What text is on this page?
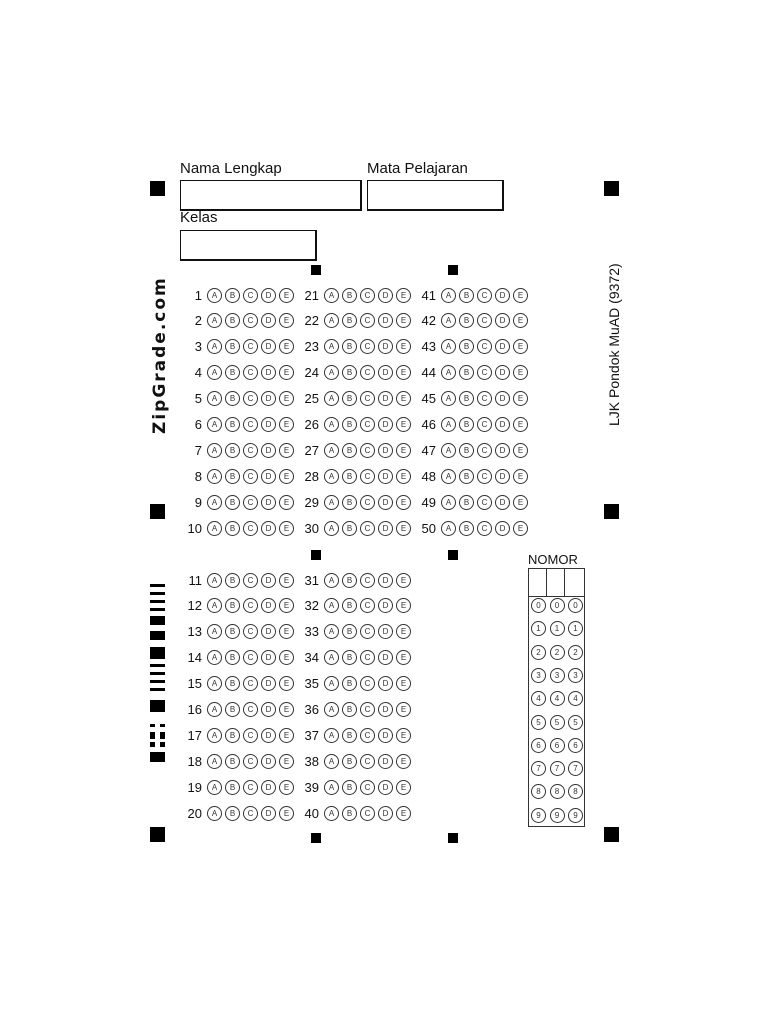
Nama Lengkap	Mata Pelajaran
Kelas
ZipGrade.com	LJK Pondok MuAD (9372)
1	A	B	C	D	E
2	A	B	C	D	E
3	A	B	C	D	E
4	A	B	C	D	E
5	A	B	C	D	E
6	A	B	C	D	E
7	A	B	C	D	E
8	A	B	C	D	E
9	A	B	C	D	E
10	A	B	C	D	E
21	A	B	C	D	E
22	A	B	C	D	E
23	A	B	C	D	E
24	A	B	C	D	E
25	A	B	C	D	E
26	A	B	C	D	E
27	A	B	C	D	E
28	A	B	C	D	E
29	A	B	C	D	E
30	A	B	C	D	E
41	A	B	C	D	E
42	A	B	C	D	E
43	A	B	C	D	E
44	A	B	C	D	E
45	A	B	C	D	E
46	A	B	C	D	E
47	A	B	C	D	E
48	A	B	C	D	E
49	A	B	C	D	E
50	A	B	C	D	E
11	A	B	C	D	E
12	A	B	C	D	E
13	A	B	C	D	E
14	A	B	C	D	E
15	A	B	C	D	E
16	A	B	C	D	E
17	A	B	C	D	E
18	A	B	C	D	E
19	A	B	C	D	E
20	A	B	C	D	E
31	A	B	C	D	E
32	A	B	C	D	E
33	A	B	C	D	E
34	A	B	C	D	E
35	A	B	C	D	E
36	A	B	C	D	E
37	A	B	C	D	E
38	A	B	C	D	E
39	A	B	C	D	E
40	A	B	C	D	E
NOMOR
0	0	0
1	1	1
2	2	2
3	3	3
4	4	4
5	5	5
6	6	6
7	7	7
8	8	8
9	9	9
